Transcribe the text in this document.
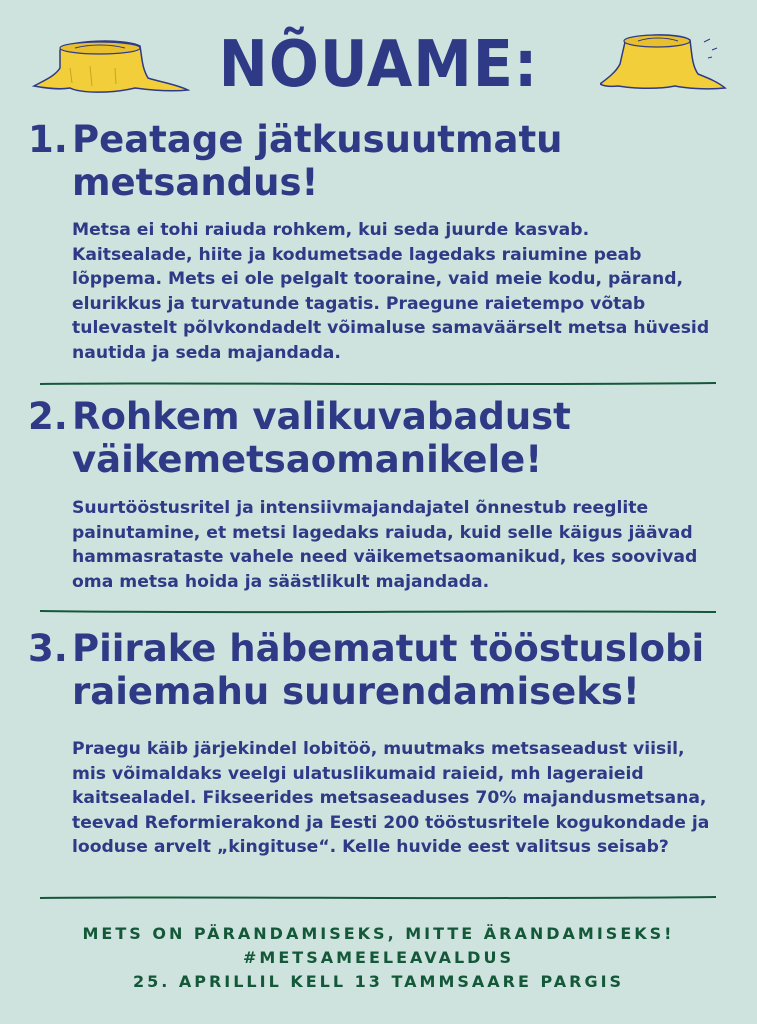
NÕUAME:
1. Peatage jätkusuutmatu
metsandus!

Metsa ei tohi raiuda rohkem, kui seda juurde kasvab. Kaitsealade, hiite ja kodumetsade lagedaks raiumine peab lõppema. Mets ei ole pelgalt tooraine, vaid meie kodu, pärand, elurikkus ja turvatunde tagatis. Praegune raietempo võtab tulevastelt põlvkondadelt võimaluse samaväärselt metsa hüvesid nautida ja seda majandada.

2. Rohkem valikuvabadust
väikemetsaomanikele!

Suurtööstusritel ja intensiivmajandajatel õnnestub reeglite painutamine, et metsi lagedaks raiuda, kuid selle käigus jäävad hammasrataste vahele need väikemetsaomanikud, kes soovivad oma metsa hoida ja säästlikult majandada.

3. Piirake häbematut tööstuslobi
raiemahu suurendamiseks!

Praegu käib järjekindel lobitöö, muutmaks metsaseadust viisil, mis võimaldaks veelgi ulatuslikumaid raieid, mh lageraieid kaitsealadel. Fikseerides metsaseaduses 70% majandusmetsana, teevad Reformierakond ja Eesti 200 tööstusritele kogukondade ja looduse arvelt „kingituse“. Kelle huvide eest valitsus seisab?

METS ON PÄRANDAMISEKS, MITTE ÄRANDAMISEKS!
#METSAMEELEAVALDUS
25. APRILLIL KELL 13 TAMMSAARE PARGIS
